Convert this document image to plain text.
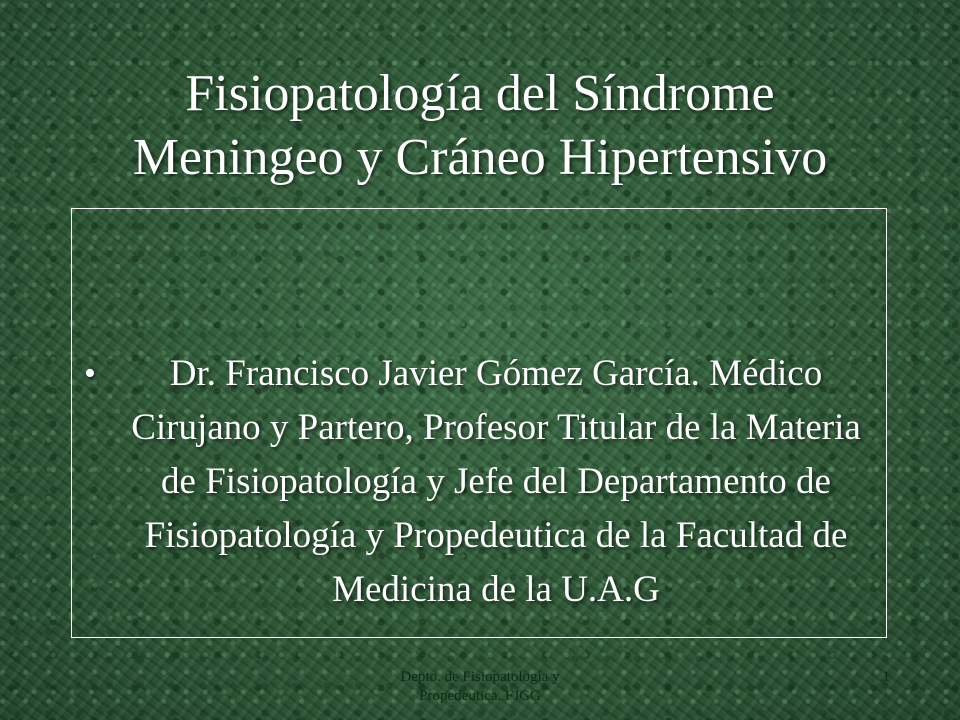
Fisiopatología del Síndrome
Meningeo y Cráneo Hipertensivo
•	Dr. Francisco Javier Gómez García. Médico Cirujano y Partero, Profesor Titular de la Materia de Fisiopatología y Jefe del Departamento de Fisiopatología y Propedeutica de la Facultad de Medicina de la U.A.G
Depto. de Fisiopatología y
Propedeutica. FJGG
1
